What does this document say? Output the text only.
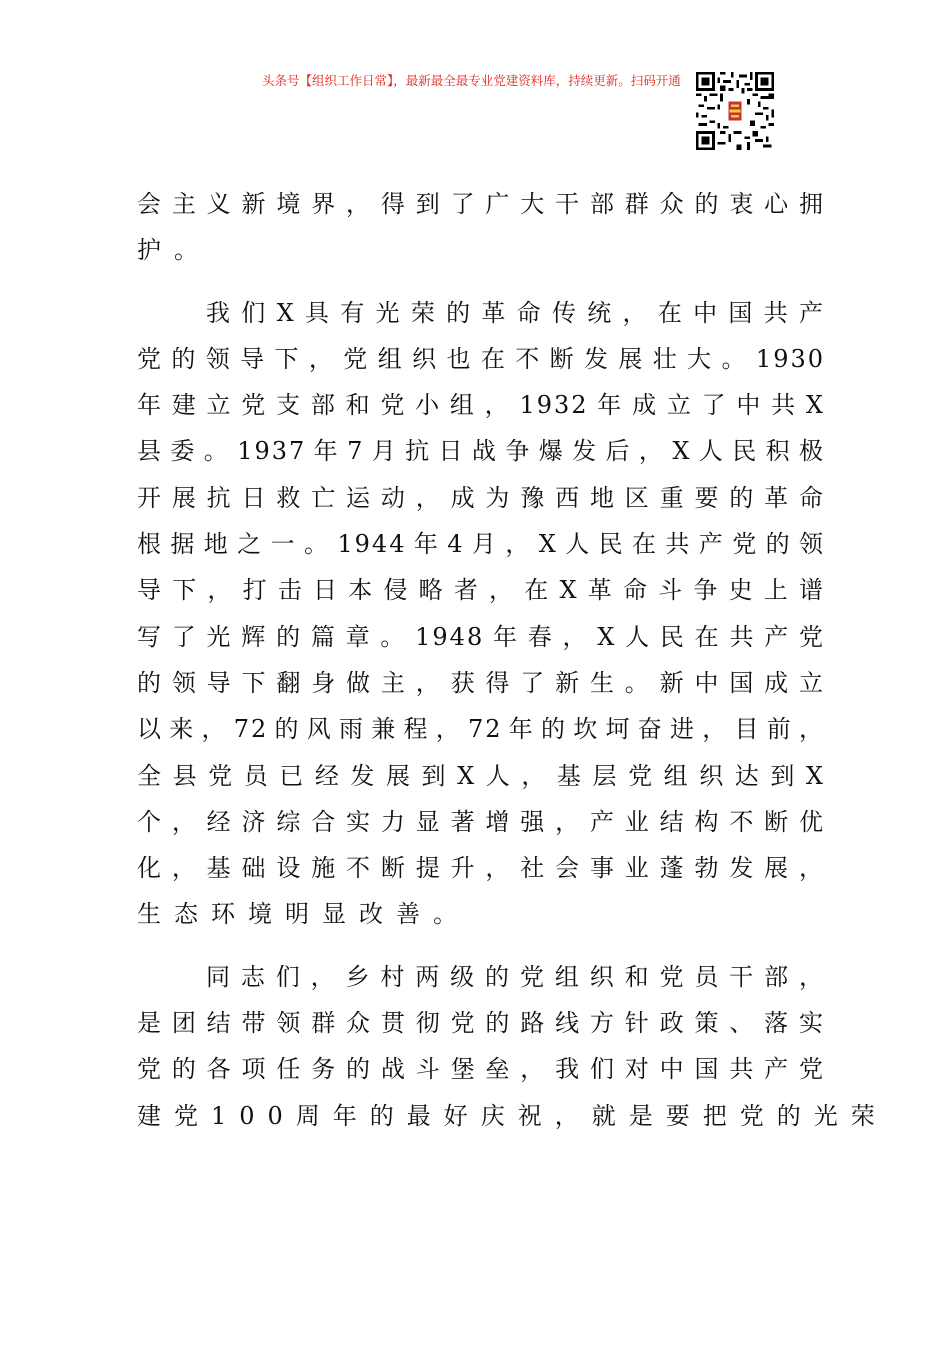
头条号【组织工作日常】，最新最全最专业党建资料库，持续更新。扫码开通
会主义新境界，得到了广大干部群众的衷心拥
护。
我们X具有光荣的革命传统，在中国共产
党的领导下，党组织也在不断发展壮大。1930
年建立党支部和党小组，1932年成立了中共X
县委。1937年7月抗日战争爆发后，X人民积极
开展抗日救亡运动，成为豫西地区重要的革命
根据地之一。1944年4月，X人民在共产党的领
导下，打击日本侵略者，在X革命斗争史上谱
写了光辉的篇章。1948年春，X人民在共产党
的领导下翻身做主，获得了新生。新中国成立
以来，72的风雨兼程，72年的坎坷奋进，目前，
全县党员已经发展到X人，基层党组织达到X
个，经济综合实力显著增强，产业结构不断优
化，基础设施不断提升，社会事业蓬勃发展，
生态环境明显改善。
同志们，乡村两级的党组织和党员干部，
是团结带领群众贯彻党的路线方针政策、落实
党的各项任务的战斗堡垒，我们对中国共产党
建党100周年的最好庆祝，就是要把党的光荣
